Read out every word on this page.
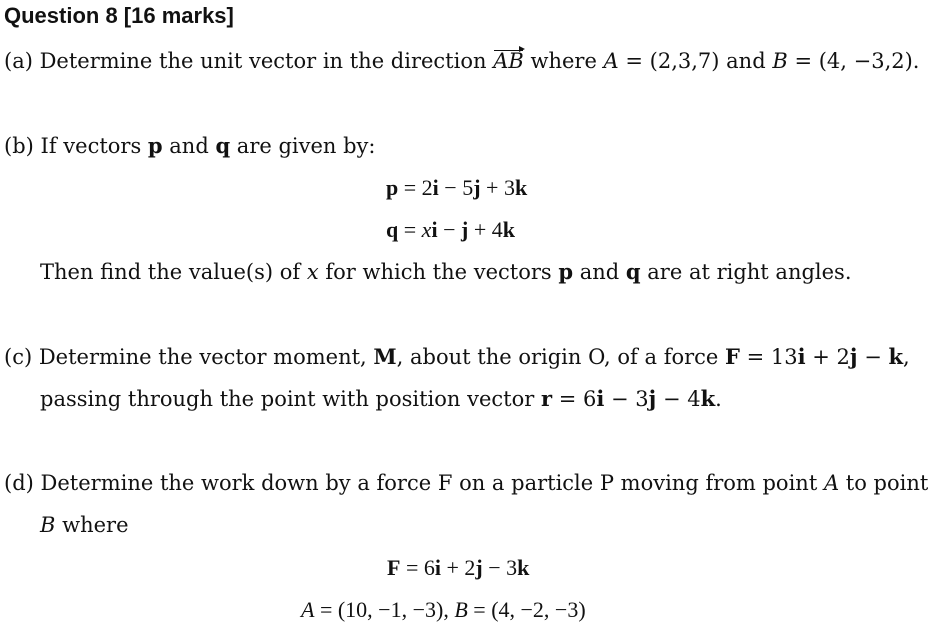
Question 8 [16 marks]
(a) Determine the unit vector in the direction AB where A = (2,3,7) and B = (4, −3,2).
(b) If vectors p and q are given by:
p = 2i − 5j + 3k
q = xi − j + 4k
Then find the value(s) of x for which the vectors p and q are at right angles.
(c) Determine the vector moment, M, about the origin O, of a force F = 13i + 2j − k,
passing through the point with position vector r = 6i − 3j − 4k.
(d) Determine the work down by a force F on a particle P moving from point A to point
B where
F = 6i + 2j − 3k
A = (10, −1, −3), B = (4, −2, −3)
